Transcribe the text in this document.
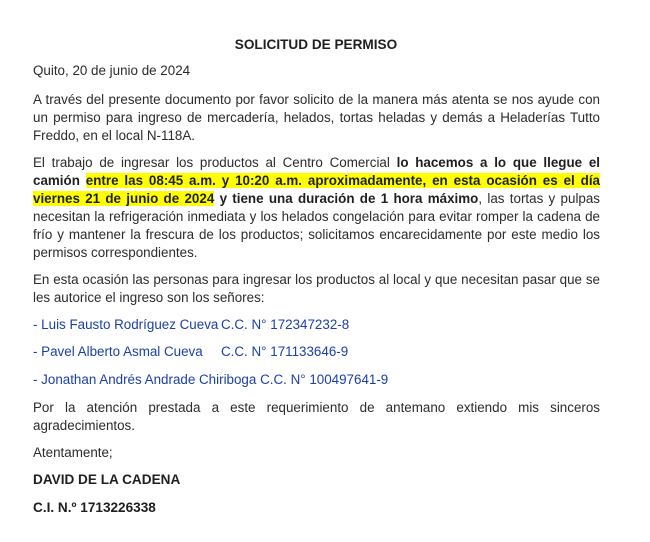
SOLICITUD DE PERMISO
Quito, 20 de junio de 2024
A través del presente documento por favor solicito de la manera más atenta se nos ayude con un permiso para ingreso de mercadería, helados, tortas heladas y demás a Heladerías Tutto Freddo, en el local N-118A.
El trabajo de ingresar los productos al Centro Comercial lo hacemos a lo que llegue el camión entre las 08:45 a.m. y 10:20 a.m. aproximadamente, en esta ocasión es el día viernes 21 de junio de 2024 y tiene una duración de 1 hora máximo, las tortas y pulpas necesitan la refrigeración inmediata y los helados congelación para evitar romper la cadena de frío y mantener la frescura de los productos; solicitamos encarecidamente por este medio los permisos correspondientes.
En esta ocasión las personas para ingresar los productos al local y que necesitan pasar que se les autorice el ingreso son los señores:
- Luis Fausto Rodríguez Cueva C.C. N° 172347232-8
- Pavel Alberto Asmal Cueva C.C. N° 171133646-9
- Jonathan Andrés Andrade Chiriboga C.C. N° 100497641-9
Por la atención prestada a este requerimiento de antemano extiendo mis sinceros agradecimientos.
Atentamente;
DAVID DE LA CADENA
C.I. N.º 1713226338
